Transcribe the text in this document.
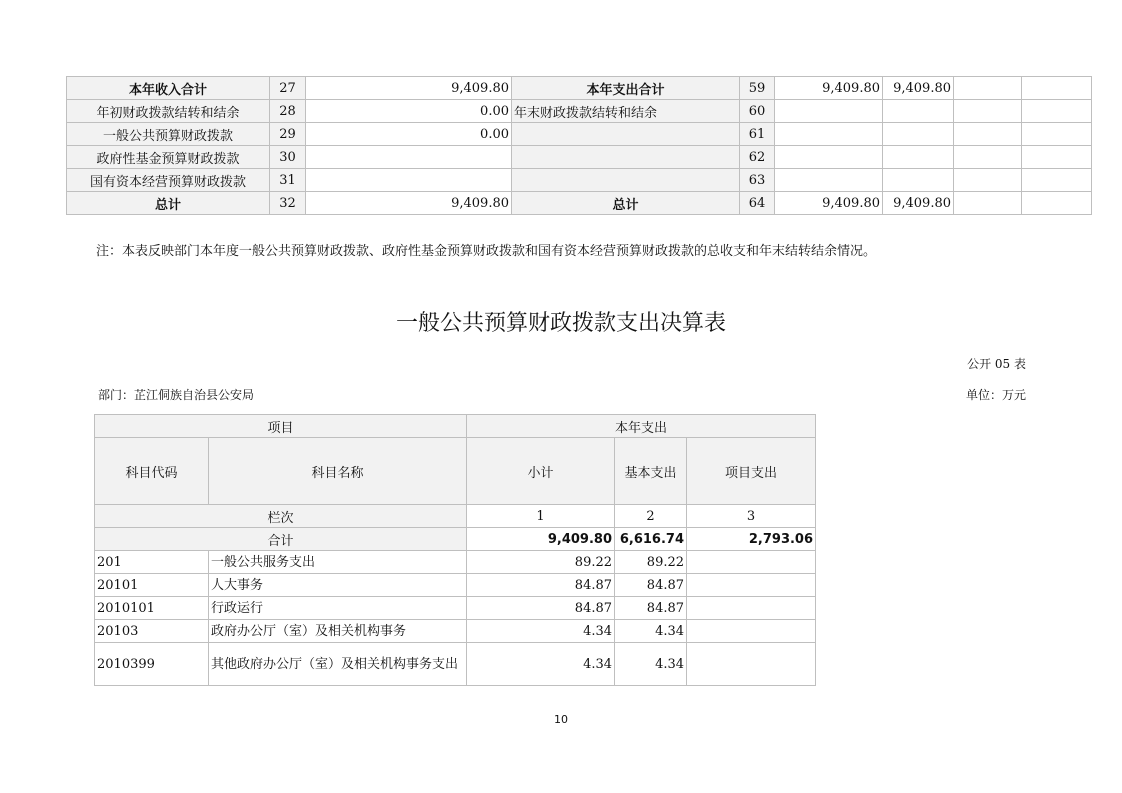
本年收入合计	27	9,409.80	本年支出合计	59	9,409.80	9,409.80		
年初财政拨款结转和结余	28	0.00	年末财政拨款结转和结余	60				
一般公共预算财政拨款	29	0.00		61				
政府性基金预算财政拨款	30			62				
国有资本经营预算财政拨款	31			63				
总计	32	9,409.80	总计	64	9,409.80	9,409.80		
注：本表反映部门本年度一般公共预算财政拨款、政府性基金预算财政拨款和国有资本经营预算财政拨款的总收支和年末结转结余情况。
一般公共预算财政拨款支出决算表
公开 05 表
部门：芷江侗族自治县公安局	单位：万元
项目		本年支出		
科目代码	科目名称	小计	基本支出	项目支出
栏次		1	2	3
合计		9,409.80	6,616.74	2,793.06
201	一般公共服务支出	89.22	89.22	
20101	人大事务	84.87	84.87	
2010101	行政运行	84.87	84.87	
20103	政府办公厅（室）及相关机构事务	4.34	4.34	
2010399	其他政府办公厅（室）及相关机构事务支出	4.34	4.34	
10
